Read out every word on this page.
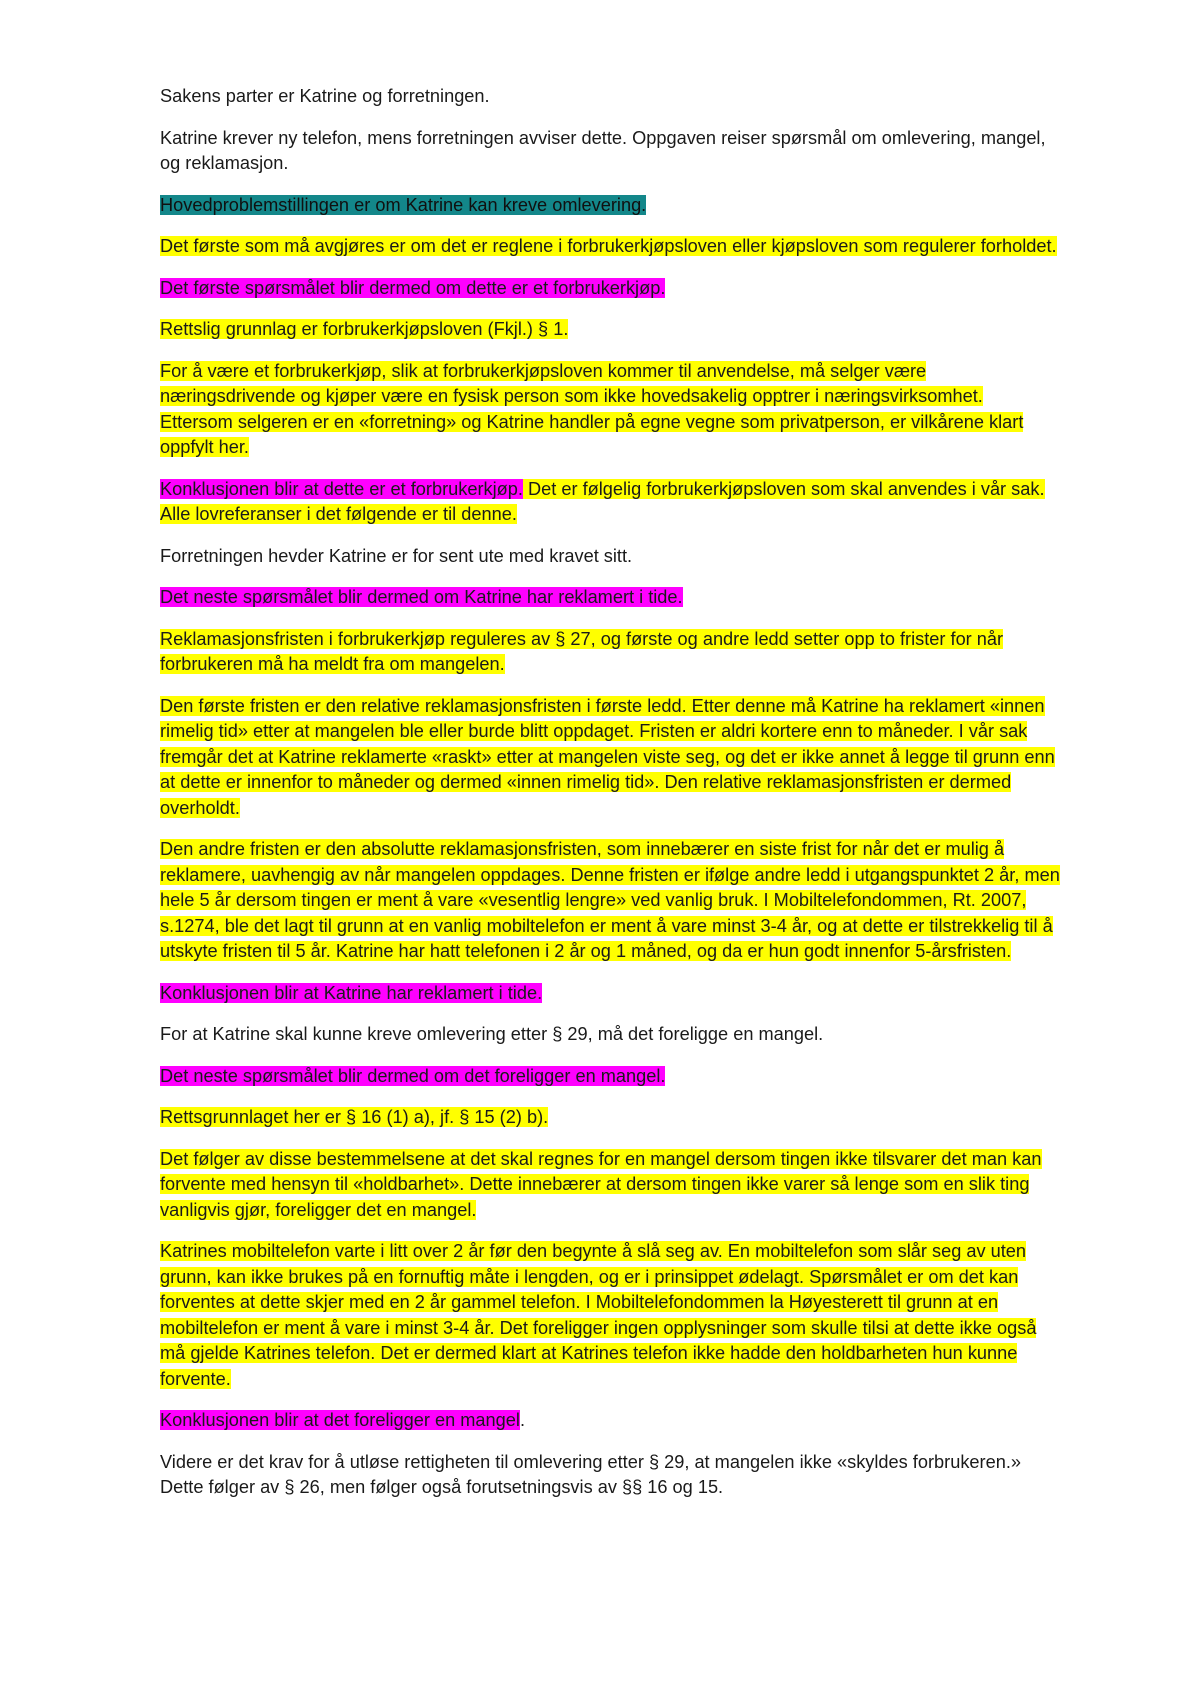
Sakens parter er Katrine og forretningen.

Katrine krever ny telefon, mens forretningen avviser dette. Oppgaven reiser spørsmål om omlevering, mangel, og reklamasjon.

Hovedproblemstillingen er om Katrine kan kreve omlevering.

Det første som må avgjøres er om det er reglene i forbrukerkjøpsloven eller kjøpsloven som regulerer forholdet.

Det første spørsmålet blir dermed om dette er et forbrukerkjøp.

Rettslig grunnlag er forbrukerkjøpsloven (Fkjl.) § 1.

For å være et forbrukerkjøp, slik at forbrukerkjøpsloven kommer til anvendelse, må selger være næringsdrivende og kjøper være en fysisk person som ikke hovedsakelig opptrer i næringsvirksomhet. Ettersom selgeren er en «forretning» og Katrine handler på egne vegne som privatperson, er vilkårene klart oppfylt her.

Konklusjonen blir at dette er et forbrukerkjøp. Det er følgelig forbrukerkjøpsloven som skal anvendes i vår sak. Alle lovreferanser i det følgende er til denne.

Forretningen hevder Katrine er for sent ute med kravet sitt.

Det neste spørsmålet blir dermed om Katrine har reklamert i tide.

Reklamasjonsfristen i forbrukerkjøp reguleres av § 27, og første og andre ledd setter opp to frister for når forbrukeren må ha meldt fra om mangelen.

Den første fristen er den relative reklamasjonsfristen i første ledd. Etter denne må Katrine ha reklamert «innen rimelig tid» etter at mangelen ble eller burde blitt oppdaget. Fristen er aldri kortere enn to måneder. I vår sak fremgår det at Katrine reklamerte «raskt» etter at mangelen viste seg, og det er ikke annet å legge til grunn enn at dette er innenfor to måneder og dermed «innen rimelig tid». Den relative reklamasjonsfristen er dermed overholdt.

Den andre fristen er den absolutte reklamasjonsfristen, som innebærer en siste frist for når det er mulig å reklamere, uavhengig av når mangelen oppdages. Denne fristen er ifølge andre ledd i utgangspunktet 2 år, men hele 5 år dersom tingen er ment å vare «vesentlig lengre» ved vanlig bruk. I Mobiltelefondommen, Rt. 2007, s.1274, ble det lagt til grunn at en vanlig mobiltelefon er ment å vare minst 3-4 år, og at dette er tilstrekkelig til å utskyte fristen til 5 år. Katrine har hatt telefonen i 2 år og 1 måned, og da er hun godt innenfor 5-årsfristen.

Konklusjonen blir at Katrine har reklamert i tide.

For at Katrine skal kunne kreve omlevering etter § 29, må det foreligge en mangel.

Det neste spørsmålet blir dermed om det foreligger en mangel.

Rettsgrunnlaget her er § 16 (1) a), jf. § 15 (2) b).

Det følger av disse bestemmelsene at det skal regnes for en mangel dersom tingen ikke tilsvarer det man kan forvente med hensyn til «holdbarhet». Dette innebærer at dersom tingen ikke varer så lenge som en slik ting vanligvis gjør, foreligger det en mangel.

Katrines mobiltelefon varte i litt over 2 år før den begynte å slå seg av. En mobiltelefon som slår seg av uten grunn, kan ikke brukes på en fornuftig måte i lengden, og er i prinsippet ødelagt. Spørsmålet er om det kan forventes at dette skjer med en 2 år gammel telefon. I Mobiltelefondommen la Høyesterett til grunn at en mobiltelefon er ment å vare i minst 3-4 år. Det foreligger ingen opplysninger som skulle tilsi at dette ikke også må gjelde Katrines telefon. Det er dermed klart at Katrines telefon ikke hadde den holdbarheten hun kunne forvente.

Konklusjonen blir at det foreligger en mangel.

Videre er det krav for å utløse rettigheten til omlevering etter § 29, at mangelen ikke «skyldes forbrukeren.» Dette følger av § 26, men følger også forutsetningsvis av §§ 16 og 15.
